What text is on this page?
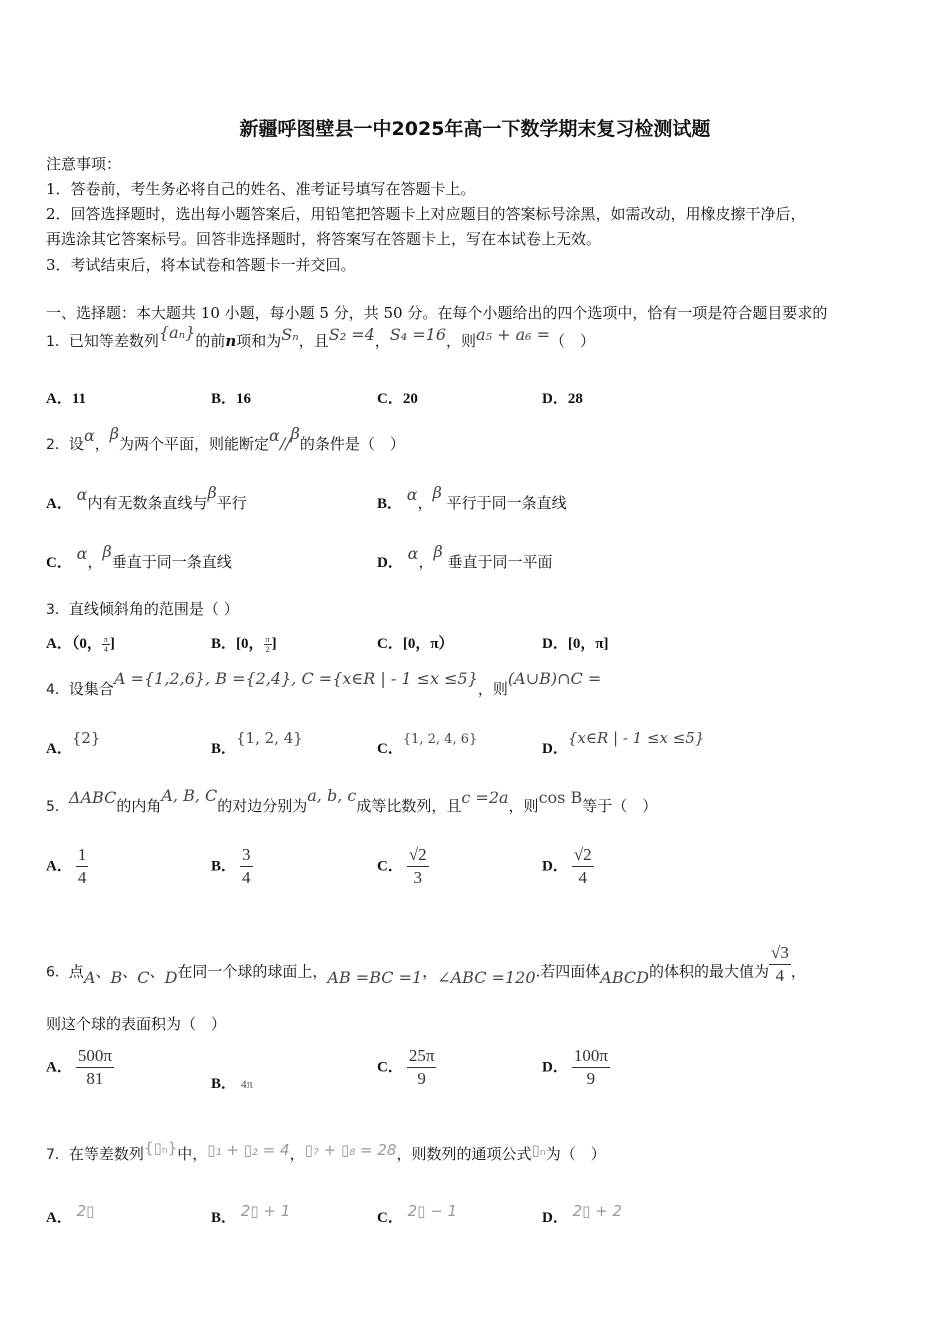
新疆呼图壁县一中2025年高一下数学期末复习检测试题
注意事项：
1．答卷前，考生务必将自己的姓名、准考证号填写在答题卡上。
2．回答选择题时，选出每小题答案后，用铅笔把答题卡上对应题目的答案标号涂黑，如需改动，用橡皮擦干净后，
再选涂其它答案标号。回答非选择题时，将答案写在答题卡上，写在本试卷上无效。
3．考试结束后，将本试卷和答题卡一并交回。
一、选择题：本大题共 10 小题，每小题 5 分，共 50 分。在每个小题给出的四个选项中，恰有一项是符合题目要求的
1．已知等差数列{aₙ}的前n项和为Sₙ，且S₂ =4，S₄ =16，则a₅ + a₆ =（　）
A．11	B．16	C．20	D．28
2．设α，β为两个平面，则能断定α//β的条件是（　）
A． α内有无数条直线与β平行	B． α，β 平行于同一条直线
C． α，β垂直于同一条直线	D． α，β 垂直于同一平面
3．直线倾斜角的范围是（ ）
A．（0， $\frac{\pi}{4}$ ]	B．[0， $\frac{\pi}{2}$ ]	C．[0，π）	D．[0，π]
4．设集合A ={1,2,6}, B ={2,4}, C ={x∈R | - 1 ≤x ≤5}，则(A∪B)∩C =
A．{2}
B．{1, 2, 4}
C．{1, 2, 4, 6}
D．{x∈R | - 1 ≤x ≤5}
5．ΔABC的内角A, B, C的对边分别为a, b, c成等比数列，且c =2a，则cos B等于（　）
A． $\frac{1}{4}$	B． $\frac{3}{4}$	C． $\frac{√2}{3}$	D． $\frac{√2}{4}$
6．点A、B、C、D在同一个球的球面上，AB =BC =1，∠ABC =120.若四面体ABCD的体积的最大值为 $\frac{√3}{4}$ ，
则这个球的表面积为（　）
A． $\frac{500\pi}{81}$	B． 4π
C． $\frac{25\pi}{9}$	D． $\frac{100\pi}{9}$
7．在等差数列{▯ₙ}中，▯₁ + ▯₂ = 4，▯₇ + ▯₈ = 28，则数列的通项公式▯ₙ为（　）
A． 2▯	B． 2▯ + 1	C． 2▯ − 1	D． 2▯ + 2
